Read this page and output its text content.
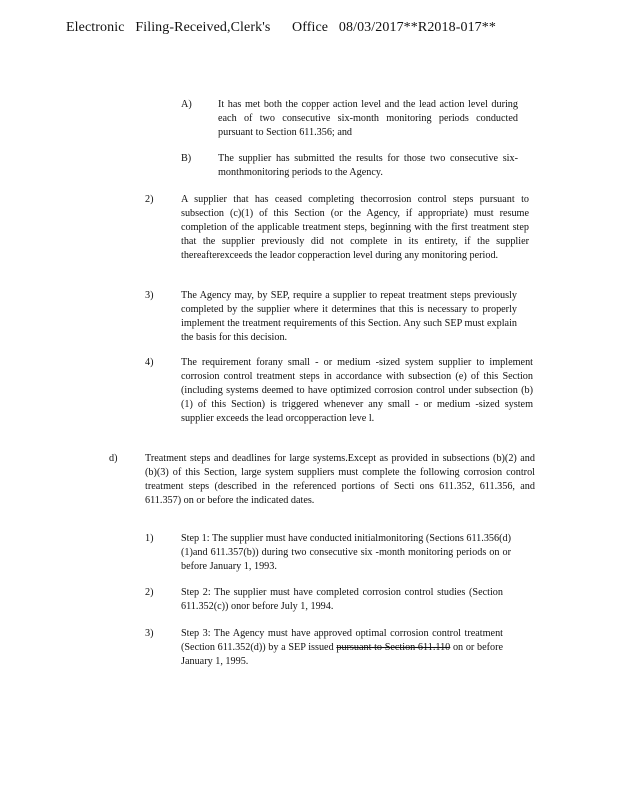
Electronic   Filing-Received,Clerk's      Office   08/03/2017**R2018-017**
A)	It has met both the copper action level and the lead action level during each of two consecutive six-month monitoring periods conducted pursuant to Section 611.356; and
B)	The supplier has submitted the results for those two consecutive six-monthmonitoring periods to the Agency.
2)	A supplier that has ceased completing thecorrosion control steps pursuant to subsection (c)(1) of this Section (or the Agency, if appropriate) must resume completion of the applicable treatment steps, beginning with the first treatment step that the supplier previously did not complete in its entirety, if the supplier thereafterexceeds the leador copperaction level during any monitoring period.
3)	The Agency may, by SEP, require a supplier to repeat treatment steps previously completed by the supplier where it determines that this is necessary to properly implement the treatment requirements of this Section. Any such SEP must explain the basis for this decision.
4)	The requirement forany small - or medium -sized system supplier to implement corrosion control treatment steps in accordance with subsection (e) of this Section (including systems deemed to have optimized corrosion control under subsection (b)(1) of this Section) is triggered whenever any small - or medium -sized system supplier exceeds the lead orcopperaction leve l.
d)	Treatment steps and deadlines for large systems.Except as provided in subsections (b)(2) and (b)(3) of this Section, large system suppliers must complete the following corrosion control treatment steps (described in the referenced portions of Secti ons 611.352, 611.356, and 611.357) on or before the indicated dates.
1)	Step 1: The supplier must have conducted initialmonitoring (Sections 611.356(d)(1)and 611.357(b)) during two consecutive six -month monitoring periods on or before January 1, 1993.
2)	Step 2: The supplier must have completed corrosion control studies (Section 611.352(c)) onor before July 1, 1994.
3)	Step 3: The Agency must have approved optimal corrosion control treatment (Section 611.352(d)) by a SEP issued pursuant to Section 611.110 on or before January 1, 1995.
